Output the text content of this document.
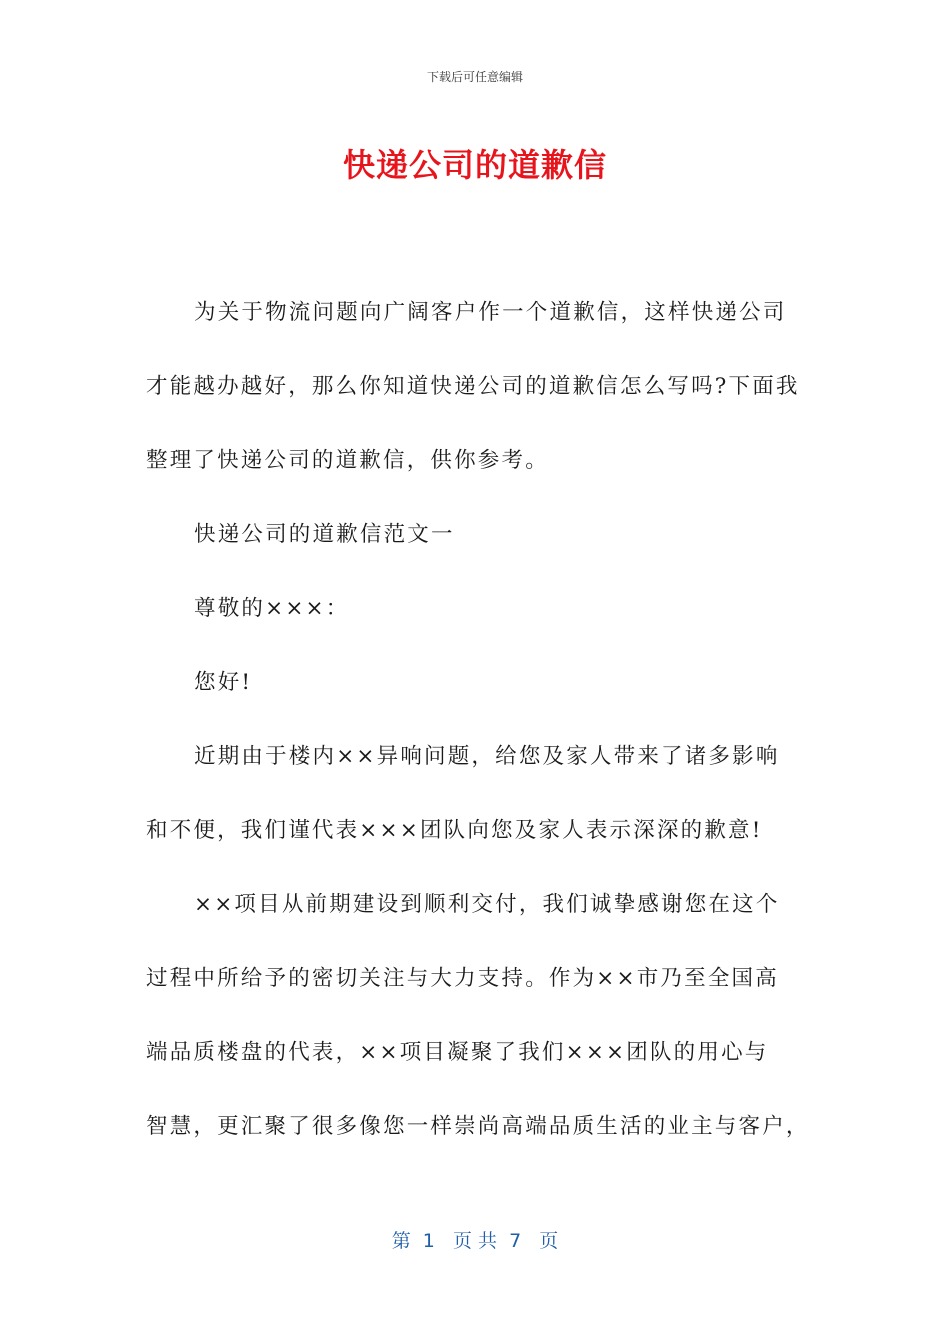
下载后可任意编辑
快递公司的道歉信
为关于物流问题向广阔客户作一个道歉信，这样快递公司
才能越办越好，那么你知道快递公司的道歉信怎么写吗?下面我
整理了快递公司的道歉信，供你参考。
快递公司的道歉信范文一
尊敬的×××：
您好!
近期由于楼内××异响问题，给您及家人带来了诸多影响
和不便，我们谨代表×××团队向您及家人表示深深的歉意!
××项目从前期建设到顺利交付，我们诚挚感谢您在这个
过程中所给予的密切关注与大力支持。作为××市乃至全国高
端品质楼盘的代表，××项目凝聚了我们×××团队的用心与
智慧，更汇聚了很多像您一样崇尚高端品质生活的业主与客户，
第  1   页 共  7   页
